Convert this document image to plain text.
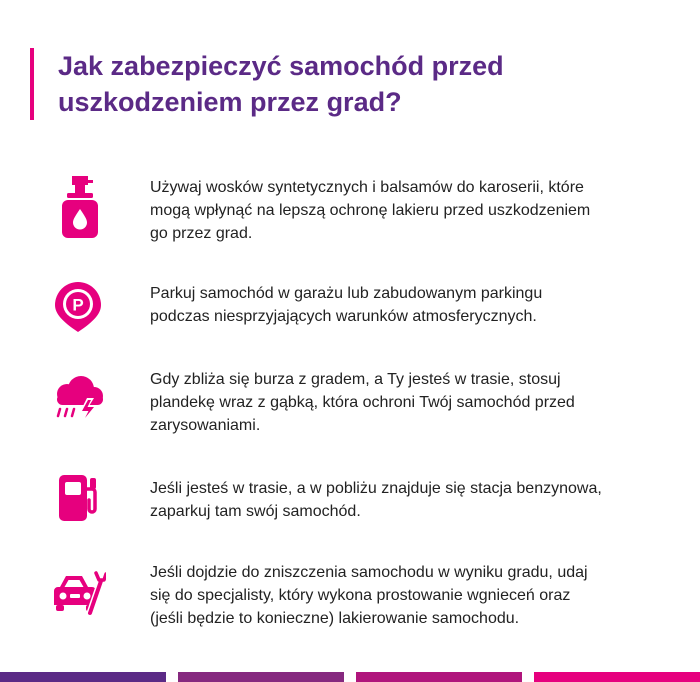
Jak zabezpieczyć samochód przed
uszkodzeniem przez grad?
Używaj wosków syntetycznych i balsamów do karoserii, które
mogą wpłynąć na lepszą ochronę lakieru przed uszkodzeniem
go przez grad.
P
Parkuj samochód w garażu lub zabudowanym parkingu
podczas niesprzyjających warunków atmosferycznych.
Gdy zbliża się burza z gradem, a Ty jesteś w trasie, stosuj
plandekę wraz z gąbką, która ochroni Twój samochód przed
zarysowaniami.
Jeśli jesteś w trasie, a w pobliżu znajduje się stacja benzynowa,
zaparkuj tam swój samochód.
Jeśli dojdzie do zniszczenia samochodu w wyniku gradu, udaj
się do specjalisty, który wykona prostowanie wgnieceń oraz
(jeśli będzie to konieczne) lakierowanie samochodu.
